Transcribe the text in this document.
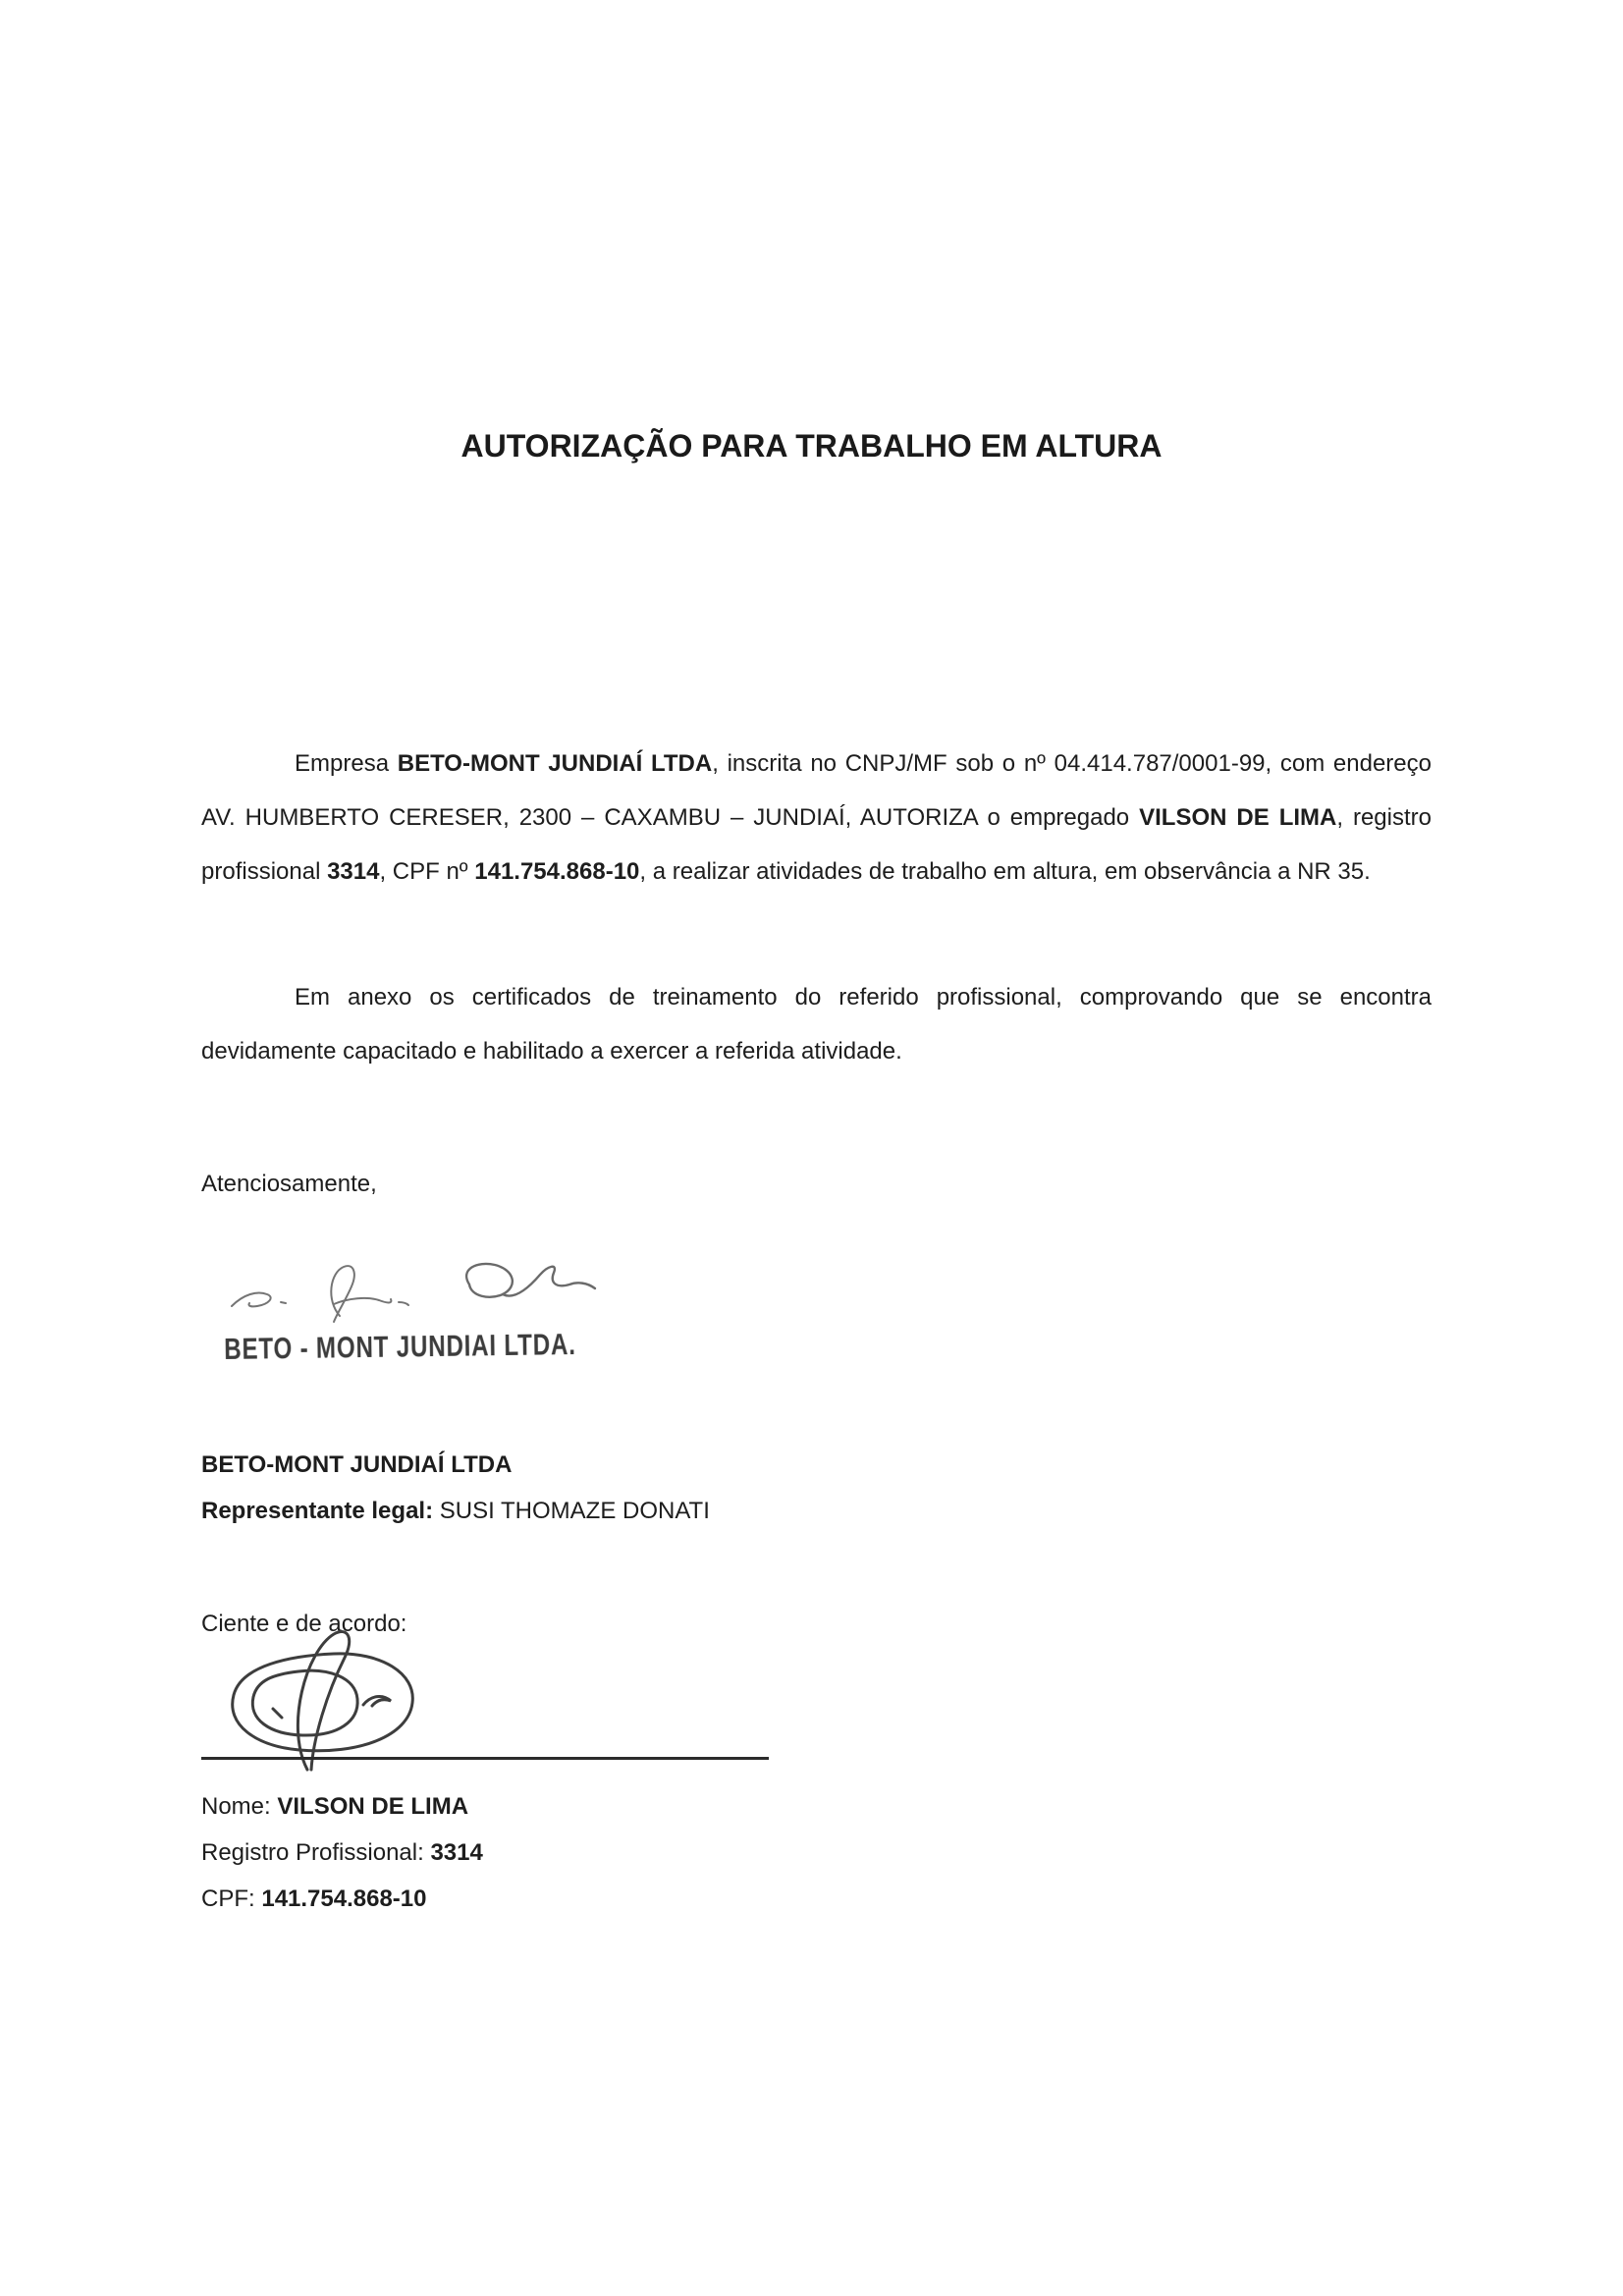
AUTORIZAÇÃO PARA TRABALHO EM ALTURA

Empresa BETO-MONT JUNDIAÍ LTDA, inscrita no CNPJ/MF sob o nº 04.414.787/0001-99, com endereço AV. HUMBERTO CERESER, 2300 – CAXAMBU – JUNDIAÍ, AUTORIZA o empregado VILSON DE LIMA, registro profissional 3314, CPF nº 141.754.868-10, a realizar atividades de trabalho em altura, em observância a NR 35.

Em anexo os certificados de treinamento do referido profissional, comprovando que se encontra devidamente capacitado e habilitado a exercer a referida atividade.

Atenciosamente,
BETO - MONT JUNDIAI LTDA.
BETO-MONT JUNDIAÍ LTDA
Representante legal: SUSI THOMAZE DONATI
Ciente e de acordo:
Nome: VILSON DE LIMA
Registro Profissional: 3314
CPF: 141.754.868-10
